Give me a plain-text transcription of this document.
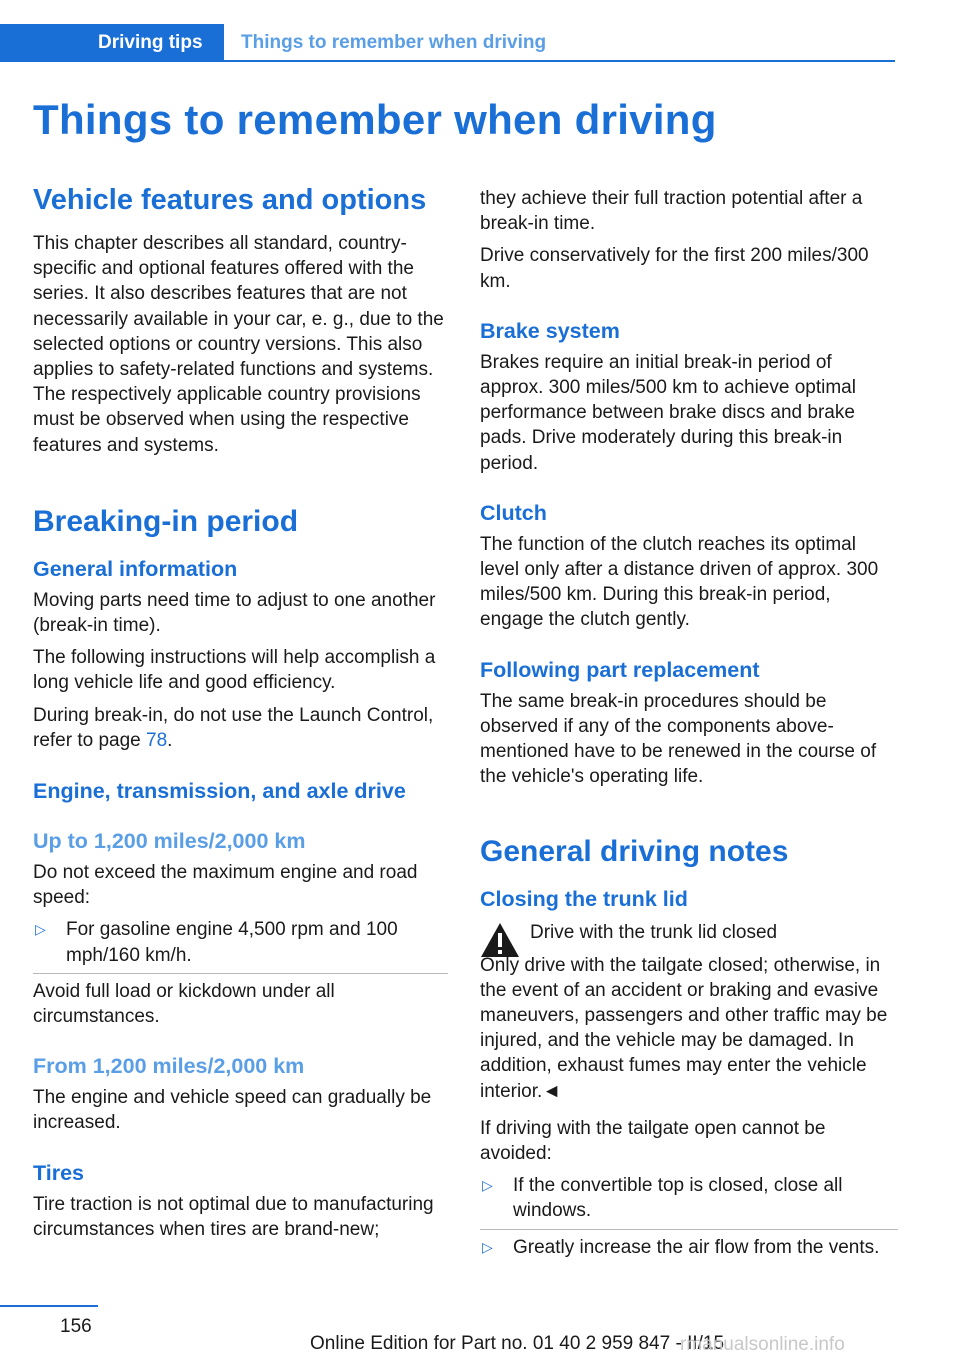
Driving tips	Things to remember when driving
Things to remember when driving
Vehicle features and options

This chapter describes all standard, country-specific and optional features offered with the series. It also describes features that are not necessarily available in your car, e. g., due to the selected options or country versions. This also applies to safety-related functions and systems. The respectively applicable country provisions must be observed when using the respective features and systems.

Breaking-in period
General information

Moving parts need time to adjust to one another (break-in time).

The following instructions will help accomplish a long vehicle life and good efficiency.

During break-in, do not use the Launch Control, refer to page 78.

Engine, transmission, and axle drive
Up to 1,200 miles/2,000 km

Do not exceed the maximum engine and road speed:

▷	For gasoline engine 4,500 rpm and 100 mph/160 km/h.

Avoid full load or kickdown under all circumstances.

From 1,200 miles/2,000 km

The engine and vehicle speed can gradually be increased.

Tires

Tire traction is not optimal due to manufacturing circumstances when tires are brand-new;

they achieve their full traction potential after a break-in time.

Drive conservatively for the first 200 miles/300 km.

Brake system

Brakes require an initial break-in period of approx. 300 miles/500 km to achieve optimal performance between brake discs and brake pads. Drive moderately during this break-in period.

Clutch

The function of the clutch reaches its optimal level only after a distance driven of approx. 300 miles/500 km. During this break-in period, engage the clutch gently.

Following part replacement

The same break-in procedures should be observed if any of the components above-mentioned have to be renewed in the course of the vehicle's operating life.

General driving notes
Closing the trunk lid

Drive with the trunk lid closed

Only drive with the tailgate closed; otherwise, in the event of an accident or braking and evasive maneuvers, passengers and other traffic may be injured, and the vehicle may be damaged. In addition, exhaust fumes may enter the vehicle interior.◄

If driving with the tailgate open cannot be avoided:

▷	If the convertible top is closed, close all windows.
▷	Greatly increase the air flow from the vents.
156
Online Edition for Part no. 01 40 2 959 847 - II/15
rmanualsonline.info
